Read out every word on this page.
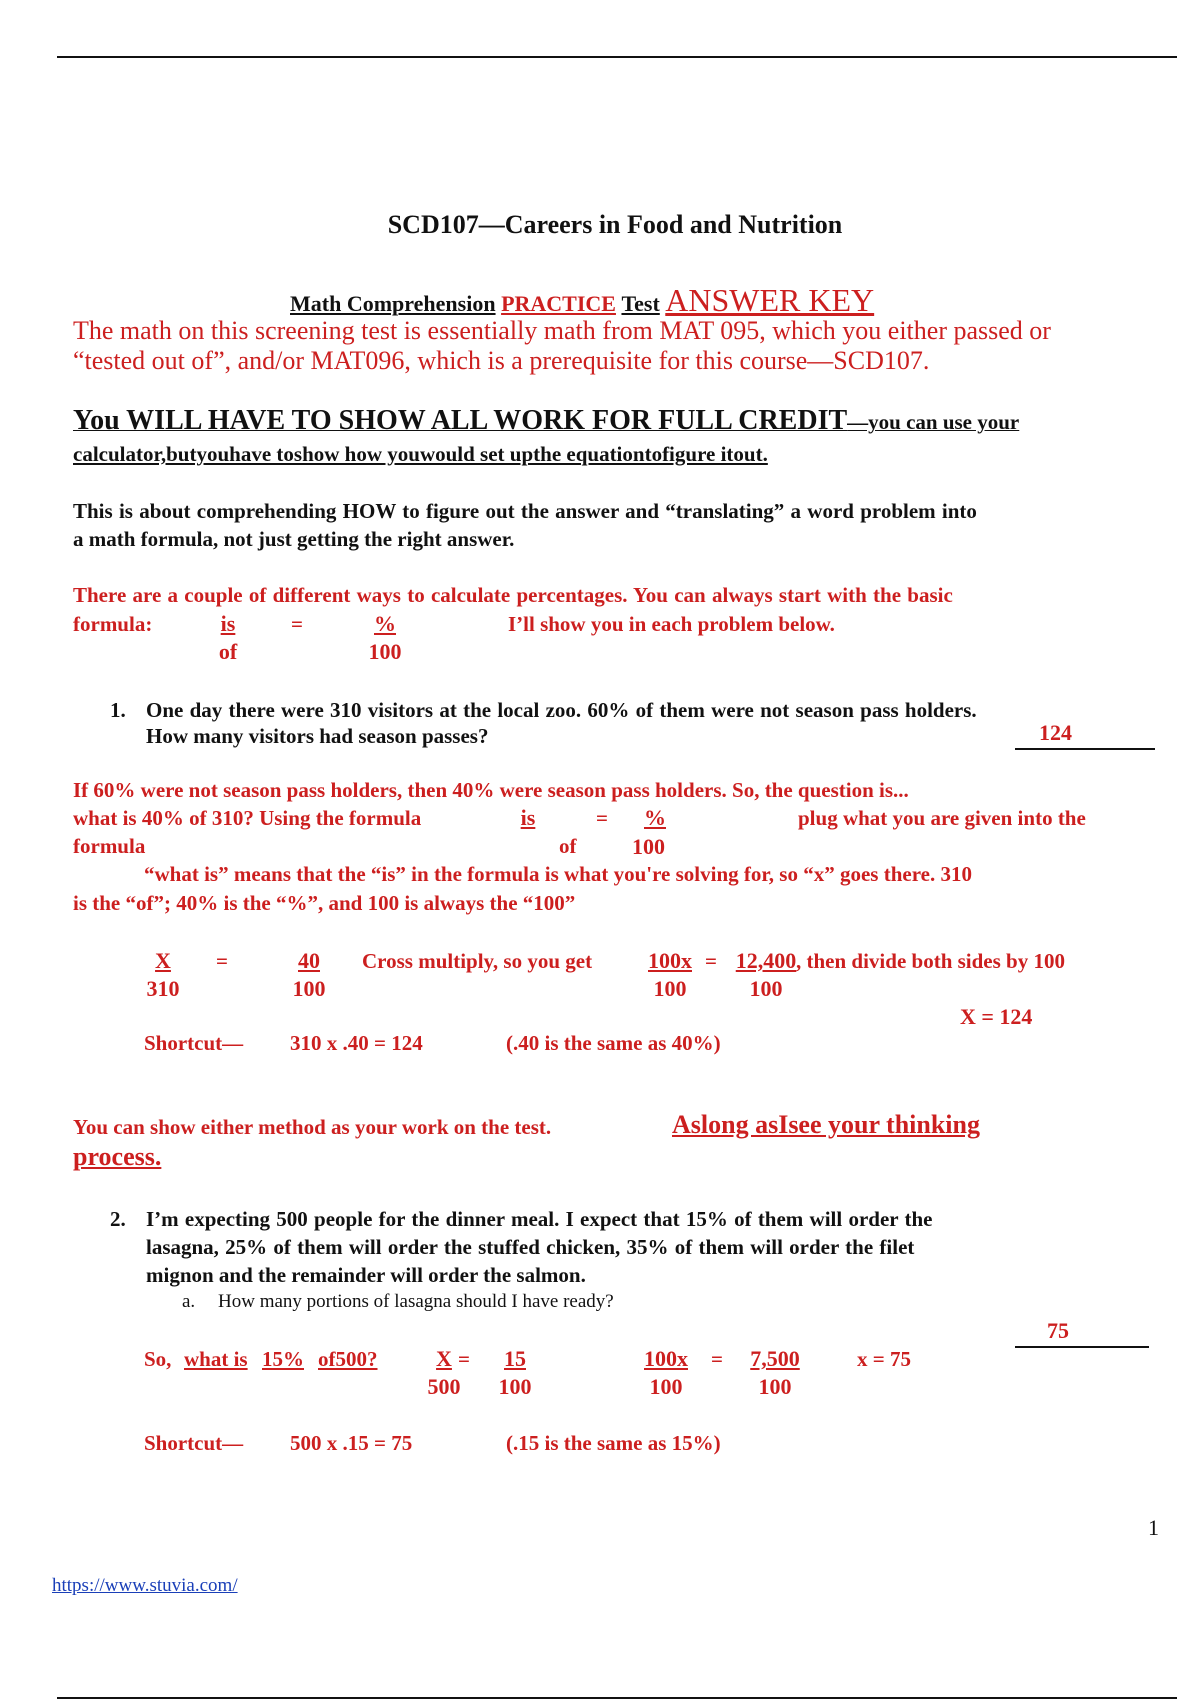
SCD107—Careers in Food and Nutrition
Math Comprehension PRACTICE Test ANSWER KEY
The math on this screening test is essentially math from MAT 095, which you either passed or
“tested out of”, and/or MAT096, which is a prerequisite for this course—SCD107.
You WILL HAVE TO SHOW ALL WORK FOR FULL CREDIT—you can use your
calculator,butyouhave toshow how youwould set upthe equationtofigure itout.
This is about comprehending HOW to figure out the answer and “translating” a word problem into
a math formula, not just getting the right answer.
There are a couple of different ways to calculate percentages. You can always start with the basic
formula:	$\frac{is}{of}$ =	%
100
I’ll show you in each problem below.
1. One day there were 310 visitors at the local zoo. 60% of them were not season pass holders.
How many visitors had season passes?	124
If 60% were not season pass holders, then 40% were season pass holders. So, the question is...
what is 40% of 310? Using the formula	is	=	%	plug what you are given into the
formula	of	100
“what is” means that the “is” in the formula is what you're solving for, so “x” goes there. 310
is the “of”; 40% is the “%”, and 100 is always the “100”
$\frac{X}{310}$ =	$\frac{40}{100}$ Cross multiply, so you get $\frac{100x}{100} = \frac{12,400}{100}$
, then divide both sides by 100
X = 124
Shortcut— 310 x .40 = 124	(.40 is the same as 40%)
You can show either method as your work on the test.	Aslong asIsee your thinking
process.
2. I’m expecting 500 people for the dinner meal. I expect that 15% of them will order the
lasagna, 25% of them will order the stuffed chicken, 35% of them will order the filet
mignon and the remainder will order the salmon.
a. How many portions of lasagna should I have ready?
75
So, what is 15% of500? $\frac{X}{500}$
= $\frac{15}{100}$	$\frac{100x}{100} = \frac{7,500}{100}$ x = 75
Shortcut— 500 x .15 = 75	(.15 is the same as 15%)
1
https://www.stuvia.com/
